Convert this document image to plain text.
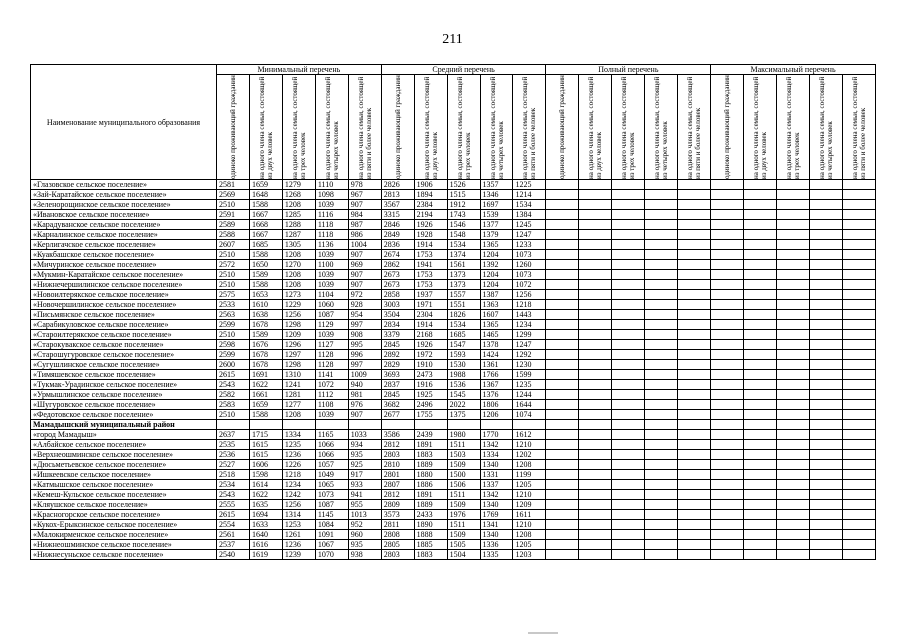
211
Наименование муниципального образования	Минимальный перечень					Средний перечень					Полный перечень					Максимальный перечень				

	одиноко проживающий гражданин	на одного члена семьи, состоящей из двух человек	на одного члена семьи, состоящей из трех человек	на одного члена семьи, состоящей из четырех человек	на одного члена семьи, состоящей из пяти и более человек	одиноко проживающий гражданин	на одного члена семьи, состоящей из двух человек	на одного члена семьи, состоящей из трех человек	на одного члена семьи, состоящей из четырех человек	на одного члена семьи, состоящей из пяти и более человек	одиноко проживающий гражданин	на одного члена семьи, состоящей из двух человек	на одного члена семьи, состоящей из трех человек	на одного члена семьи, состоящей из четырех человек	на одного члена семьи, состоящей из пяти и более человек	одиноко проживающий гражданин	на одного члена семьи, состоящей из двух человек	на одного члена семьи, состоящей из трех человек	на одного члена семьи, состоящей из четырех человек	на одного члена семьи, состоящей из пяти и более человек

«Глазовское сельское поселение»	2581	1659	1279	1110	978	2826	1906	1526	1357	1225										
«Зай-Каратайское сельское поселение»	2569	1648	1268	1098	967	2813	1894	1515	1346	1214										
«Зеленорощинское сельское поселение»	2510	1588	1208	1039	907	3567	2384	1912	1697	1534										
«Ивановское сельское поселение»	2591	1667	1285	1116	984	3315	2194	1743	1539	1384										
«Карадуванское сельское поселение»	2589	1668	1288	1118	987	2846	1926	1546	1377	1245										
«Карналинское сельское поселение»	2588	1667	1287	1118	986	2849	1928	1548	1379	1247										
«Керлигачское сельское поселение»	2607	1685	1305	1136	1004	2836	1914	1534	1365	1233										
«Куакбашское сельское поселение»	2510	1588	1208	1039	907	2674	1753	1374	1204	1073										
«Мичуринское сельское поселение»	2572	1650	1270	1100	969	2862	1941	1561	1392	1260										
«Мукмин-Каратайское сельское поселение»	2510	1589	1208	1039	907	2673	1753	1373	1204	1073										
«Нижнечершилинское сельское поселение»	2510	1588	1208	1039	907	2673	1753	1373	1204	1072										
«Новоилтерякское сельское поселение»	2575	1653	1273	1104	972	2858	1937	1557	1387	1256										
«Новочершилинское сельское поселение»	2533	1610	1229	1060	928	3003	1971	1551	1363	1218										
«Письмянское сельское поселение»	2563	1638	1256	1087	954	3504	2304	1826	1607	1443										
«Сарабикуловское сельское поселение»	2599	1678	1298	1129	997	2834	1914	1534	1365	1234										
«Староилтерякское сельское поселение»	2510	1589	1209	1039	908	3379	2168	1685	1465	1299										
«Старокувакское сельское поселение»	2598	1676	1296	1127	995	2845	1926	1547	1378	1247										
«Старошугуровское сельское поселение»	2599	1678	1297	1128	996	2892	1972	1593	1424	1292										
«Сугушлинское сельское поселение»	2600	1678	1298	1128	997	2829	1910	1530	1361	1230										
«Тимяшевское сельское поселение»	2615	1691	1310	1141	1009	3693	2473	1988	1766	1599										
«Тукмак-Урадинское сельское поселение»	2543	1622	1241	1072	940	2837	1916	1536	1367	1235										
«Урмышлинское сельское поселение»	2582	1661	1281	1112	981	2845	1925	1545	1376	1244										
«Шугуровское сельское поселение»	2583	1659	1277	1108	976	3682	2496	2022	1806	1644										
«Федотовское сельское поселение»	2510	1588	1208	1039	907	2677	1755	1375	1206	1074										
Мамадышский муниципальный район																				
«город Мамадыш»	2637	1715	1334	1165	1033	3586	2439	1980	1770	1612										
«Албайское сельское поселение»	2535	1615	1235	1066	934	2812	1891	1511	1342	1210										
«Верхнеошминское сельское поселение»	2536	1615	1236	1066	935	2803	1883	1503	1334	1202										
«Дюсьметьевское сельское поселение»	2527	1606	1226	1057	925	2810	1889	1509	1340	1208										
«Ишкеевское сельское поселение»	2518	1598	1218	1049	917	2801	1880	1500	1331	1199										
«Катмышское сельское поселение»	2534	1614	1234	1065	933	2807	1886	1506	1337	1205										
«Кемеш-Кульское сельское поселение»	2543	1622	1242	1073	941	2812	1891	1511	1342	1210										
«Кляушское сельское поселение»	2555	1635	1256	1087	955	2809	1889	1509	1340	1209										
«Красногорское сельское поселение»	2615	1694	1314	1145	1013	3573	2433	1976	1769	1611										
«Кукох-Ерыксинское сельское поселение»	2554	1633	1253	1084	952	2811	1890	1511	1341	1210										
«Малокирменское сельское поселение»	2561	1640	1261	1091	960	2808	1888	1509	1340	1208										
«Нижнеошминское сельское поселение»	2537	1616	1236	1067	935	2805	1885	1505	1336	1205										
«Нижнесуньское сельское поселение»	2540	1619	1239	1070	938	2803	1883	1504	1335	1203										
